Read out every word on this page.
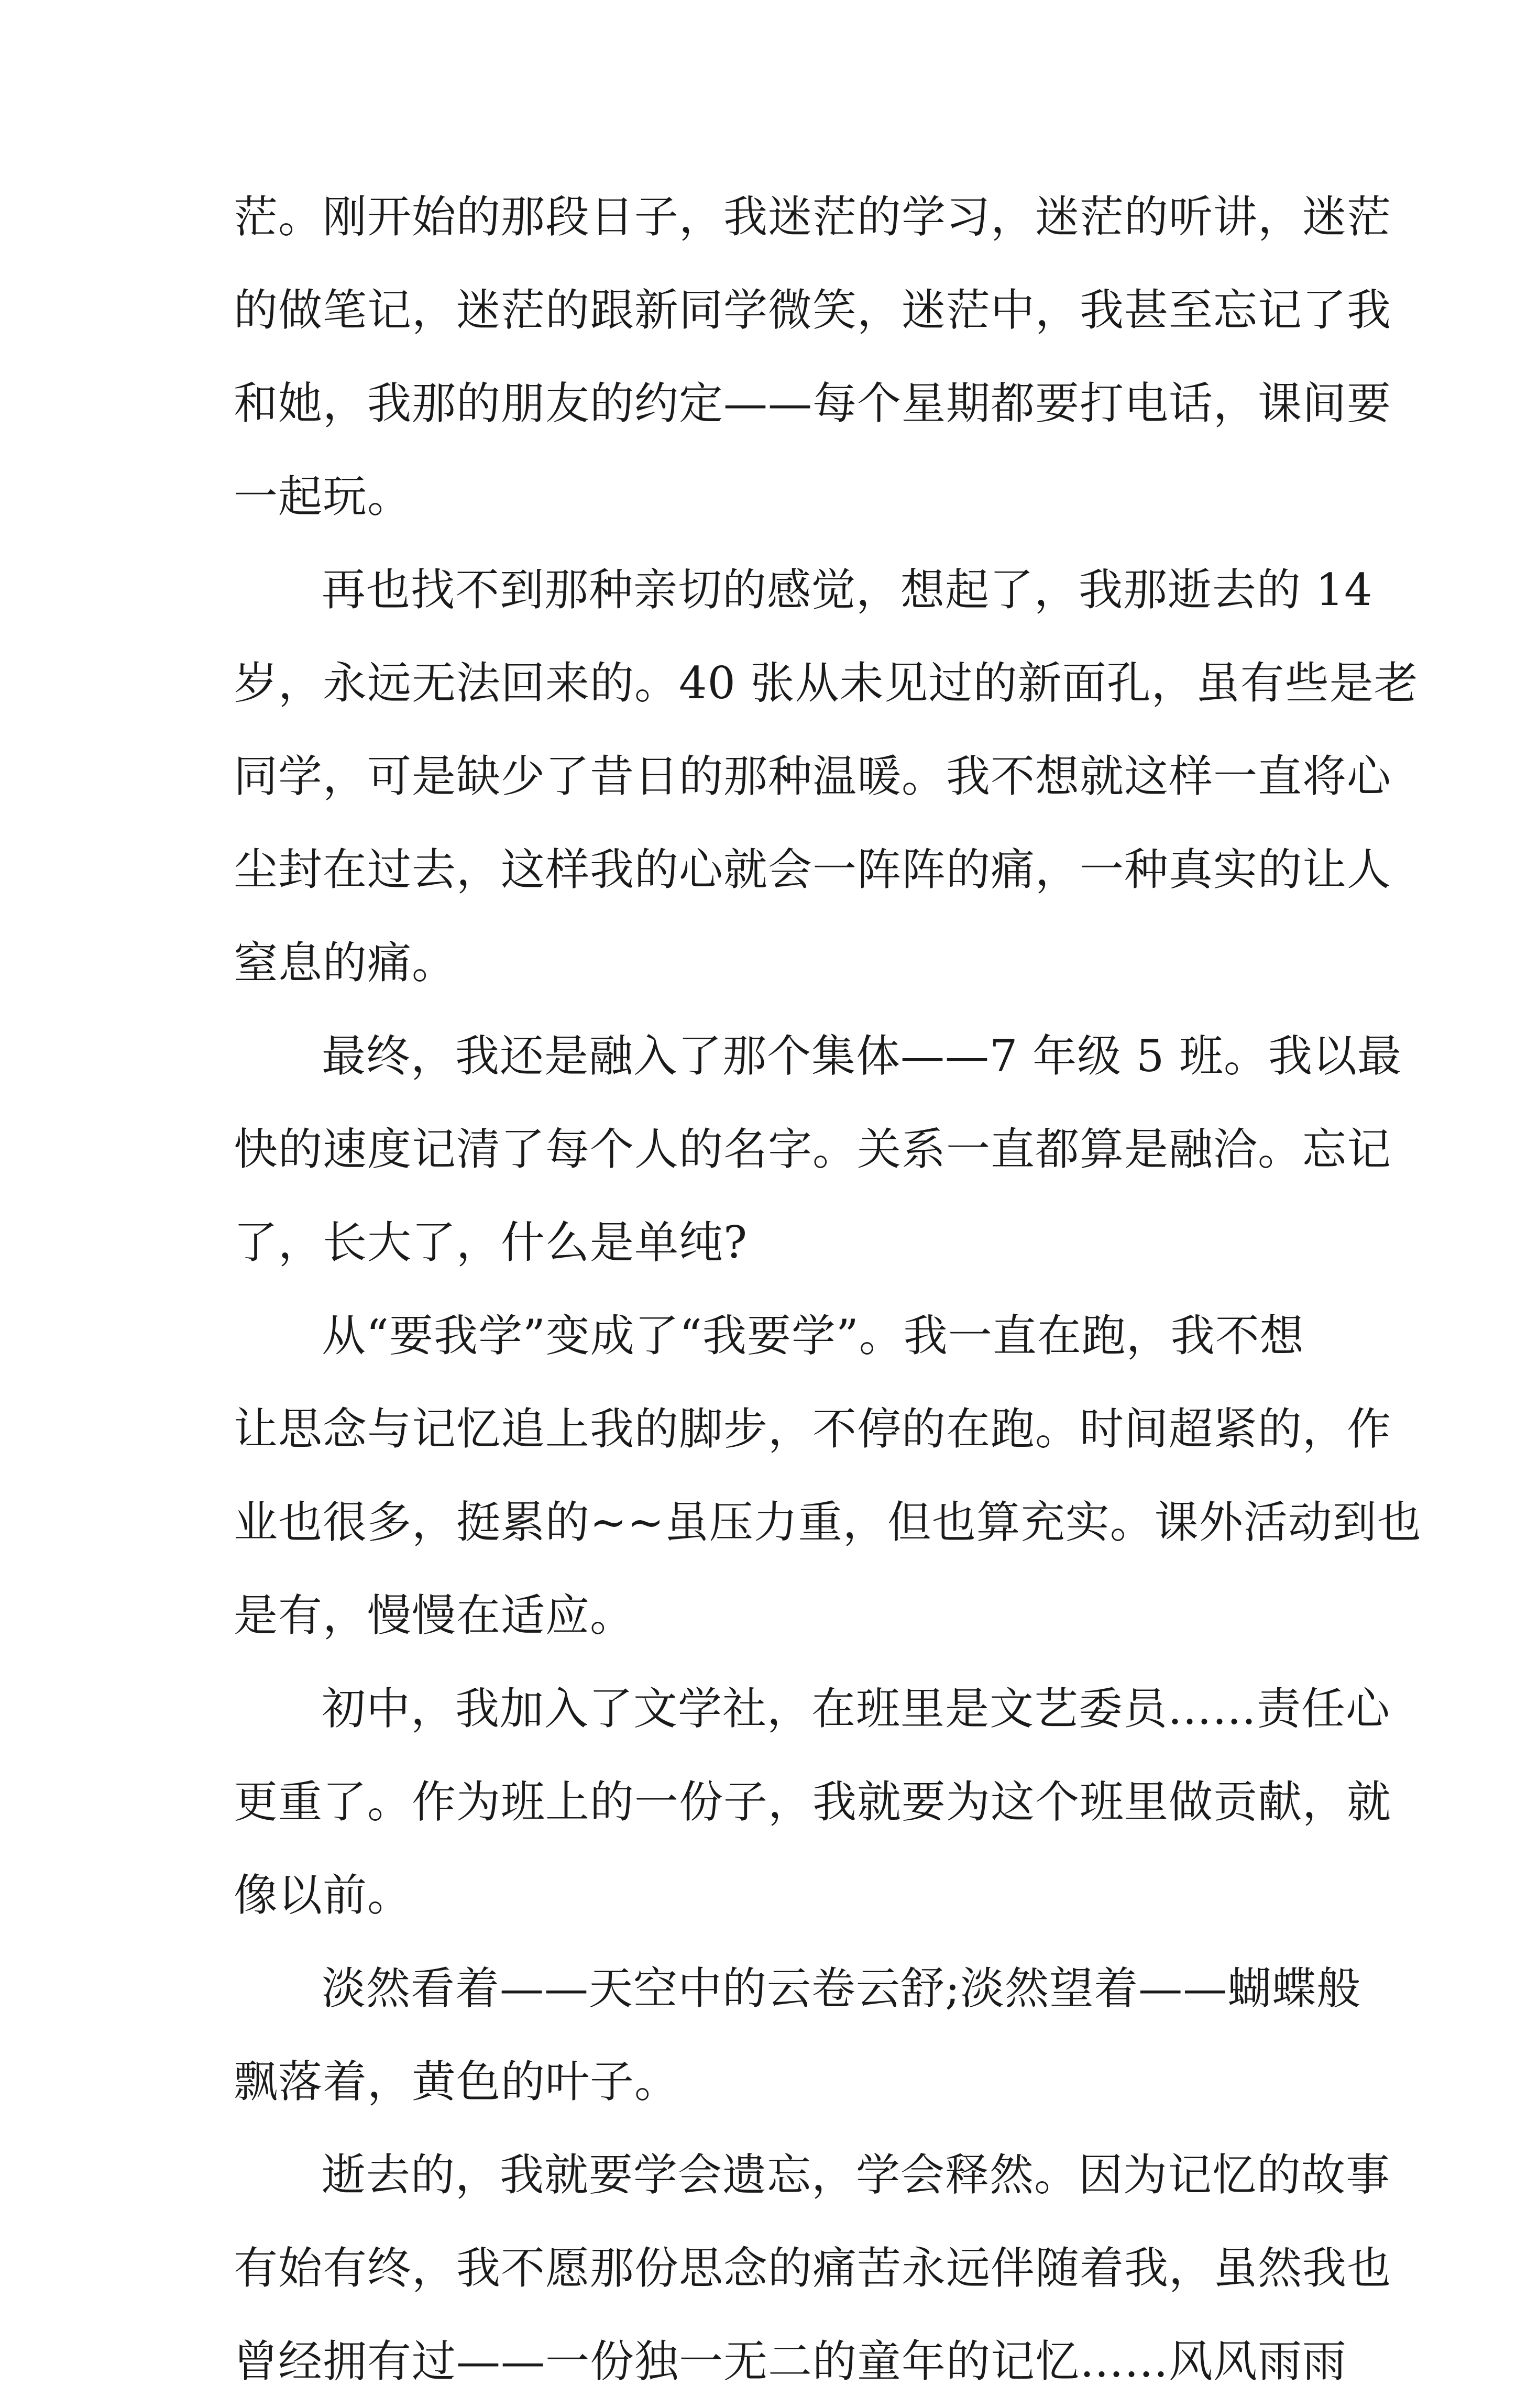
茫。刚开始的那段日子，我迷茫的学习，迷茫的听讲，迷茫
的做笔记，迷茫的跟新同学微笑，迷茫中，我甚至忘记了我
和她，我那的朋友的约定——每个星期都要打电话，课间要
一起玩。
再也找不到那种亲切的感觉，想起了，我那逝去的 14
岁，永远无法回来的。40 张从未见过的新面孔，虽有些是老
同学，可是缺少了昔日的那种温暖。我不想就这样一直将心
尘封在过去，这样我的心就会一阵阵的痛，一种真实的让人
窒息的痛。
最终，我还是融入了那个集体——7 年级 5 班。我以最
快的速度记清了每个人的名字。关系一直都算是融洽。忘记
了，长大了，什么是单纯?
从“要我学”变成了“我要学”。我一直在跑，我不想
让思念与记忆追上我的脚步，不停的在跑。时间超紧的，作
业也很多，挺累的~~虽压力重，但也算充实。课外活动到也
是有，慢慢在适应。
初中，我加入了文学社，在班里是文艺委员……责任心
更重了。作为班上的一份子，我就要为这个班里做贡献，就
像以前。
淡然看着——天空中的云卷云舒;淡然望着——蝴蝶般
飘落着，黄色的叶子。
逝去的，我就要学会遗忘，学会释然。因为记忆的故事
有始有终，我不愿那份思念的痛苦永远伴随着我，虽然我也
曾经拥有过——一份独一无二的童年的记忆……风风雨雨
